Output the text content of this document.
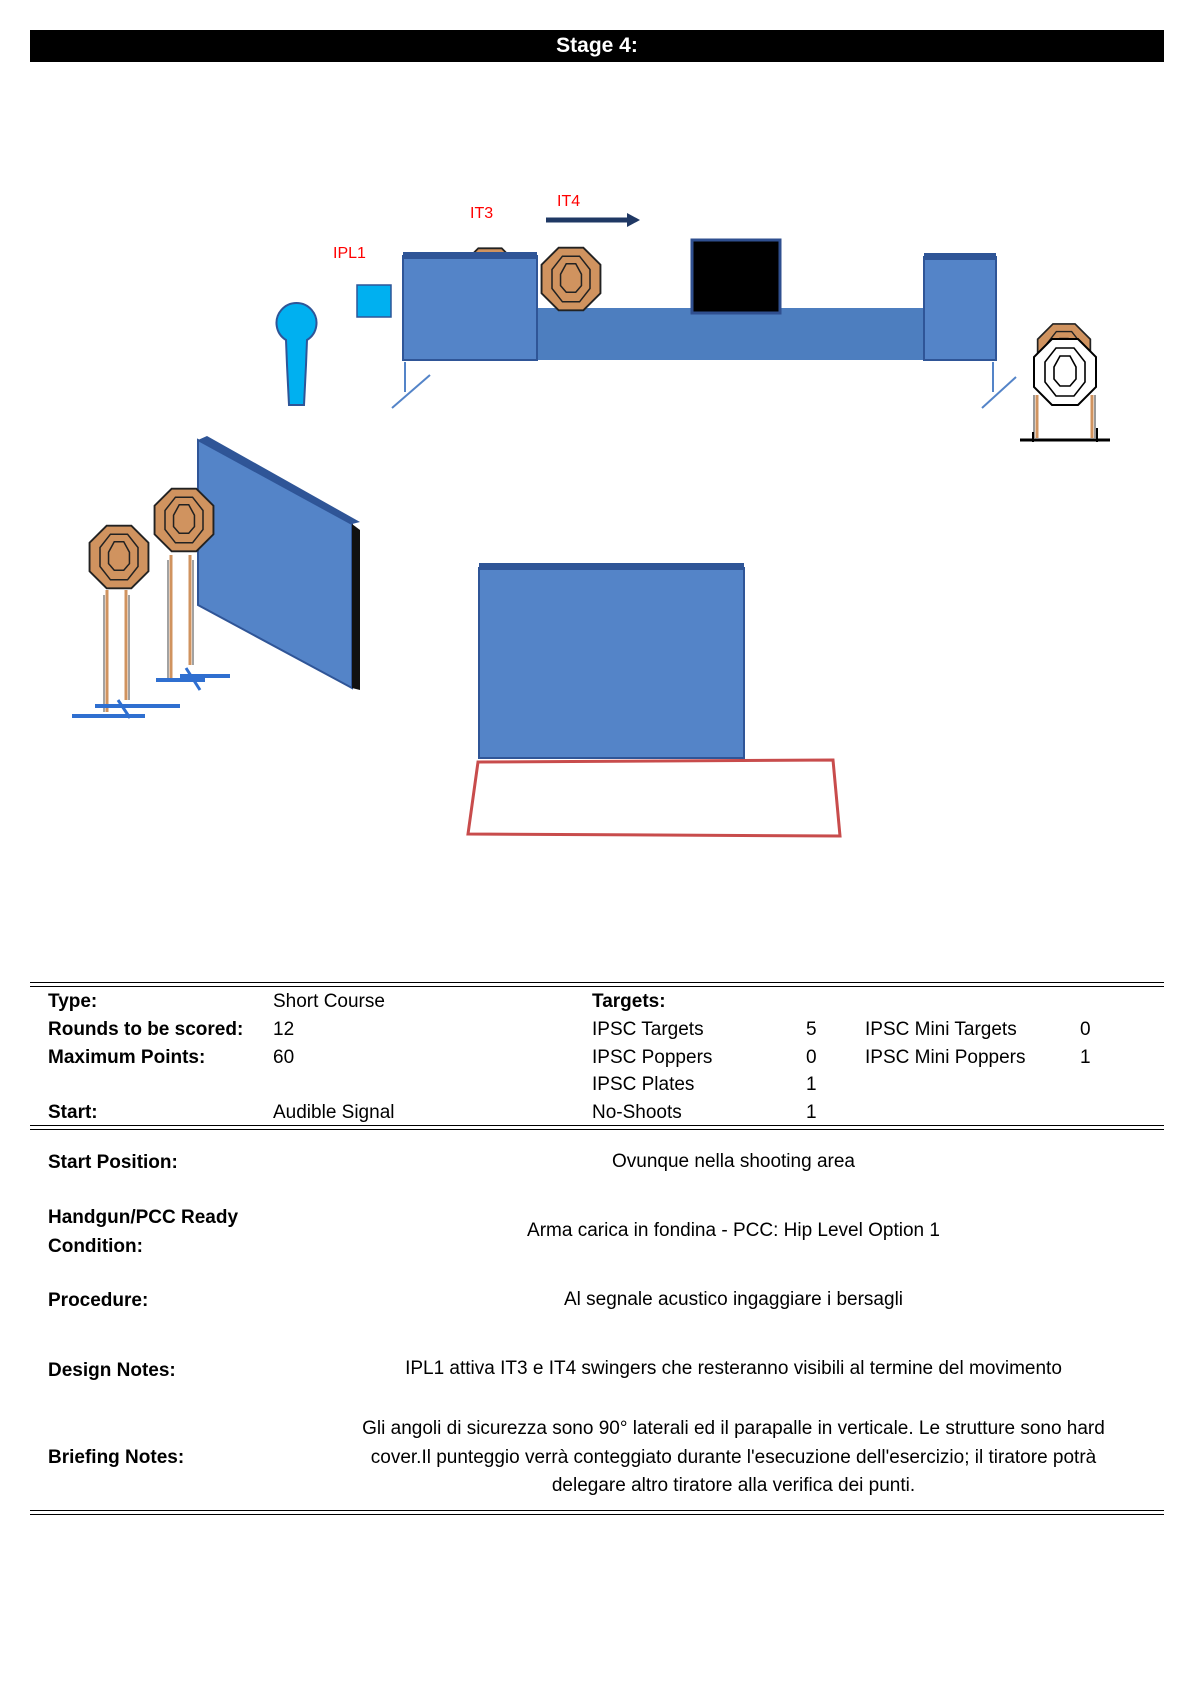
Stage 4:
IT3
IT4
IPL1
Type:	Short Course	Targets:
Rounds to be scored: 12	IPSC Targets	5	IPSC Mini Targets	0
Maximum Points:	60	IPSC Poppers	0	IPSC Mini Poppers	1
IPSC Plates	1
Start:	Audible Signal	No-Shoots	1
Start Position:	Ovunque nella shooting area
Handgun/PCC Ready
Condition:
Arma carica in fondina - PCC: Hip Level Option 1
Procedure:	Al segnale acustico ingaggiare i bersagli
Design Notes:	IPL1 attiva IT3 e IT4 swingers che resteranno visibili al termine del movimento
Briefing Notes:
Gli angoli di sicurezza sono 90° laterali ed il parapalle in verticale. Le strutture sono hard
cover.Il punteggio verrà conteggiato durante l'esecuzione dell'esercizio; il tiratore potrà
delegare altro tiratore alla verifica dei punti.
